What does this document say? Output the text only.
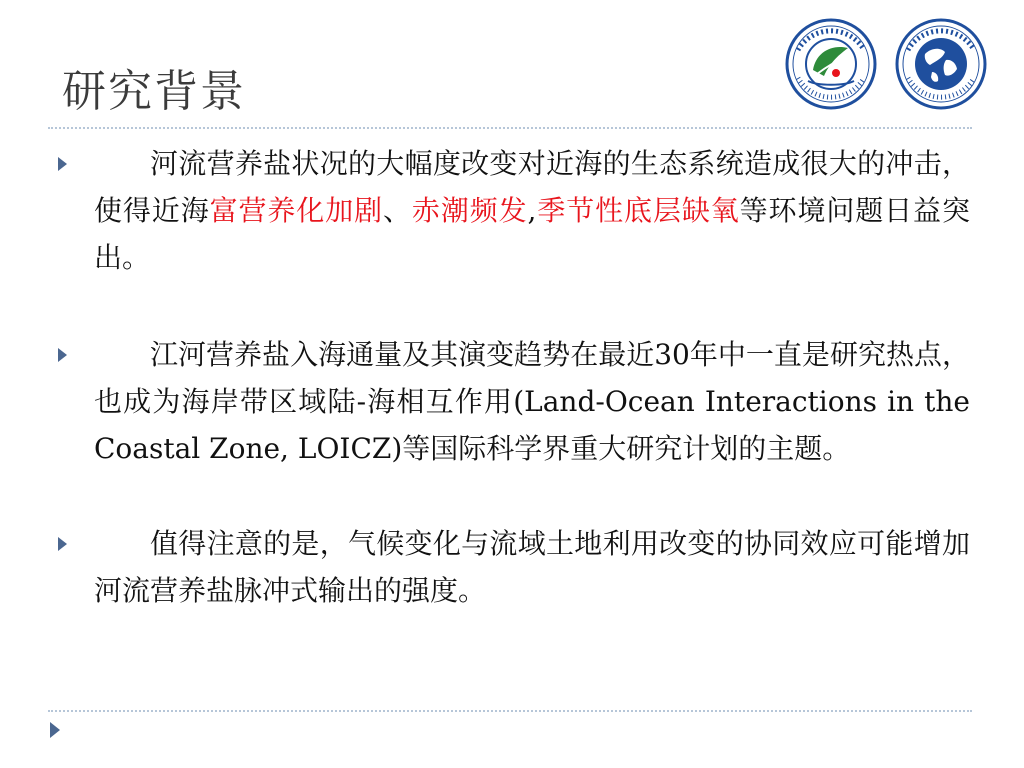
研究背景
河流营养盐状况的大幅度改变对近海的生态系统造成很大的冲击，使得近海富营养化加剧、赤潮频发,季节性底层缺氧等环境问题日益突出。
江河营养盐入海通量及其演变趋势在最近30年中一直是研究热点，也成为海岸带区域陆-海相互作用(Land-Ocean Interactions in the Coastal Zone, LOICZ)等国际科学界重大研究计划的主题。
值得注意的是，气候变化与流域土地利用改变的协同效应可能增加河流营养盐脉冲式输出的强度。
